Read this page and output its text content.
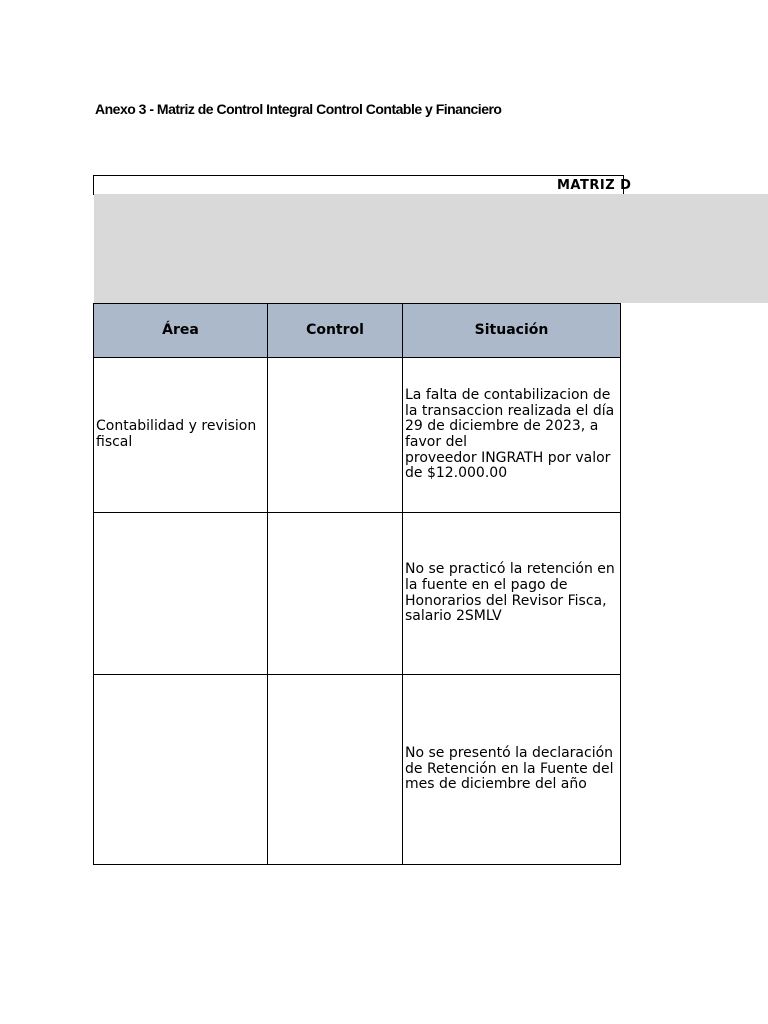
Anexo 3 - Matriz de Control Integral Control Contable y Financiero
MATRIZ D
Área	Control	Situación
Contabilidad y revision fiscal		La falta de contabilizacion de la transaccion realizada el día 29 de diciembre de 2023, a favor del
proveedor INGRATH por valor de $12.000.00
		No se practicó la retención en la fuente en el pago de Honorarios del Revisor Fisca, salario 2SMLV
		No se presentó la declaración de Retención en la Fuente del mes de diciembre del año
